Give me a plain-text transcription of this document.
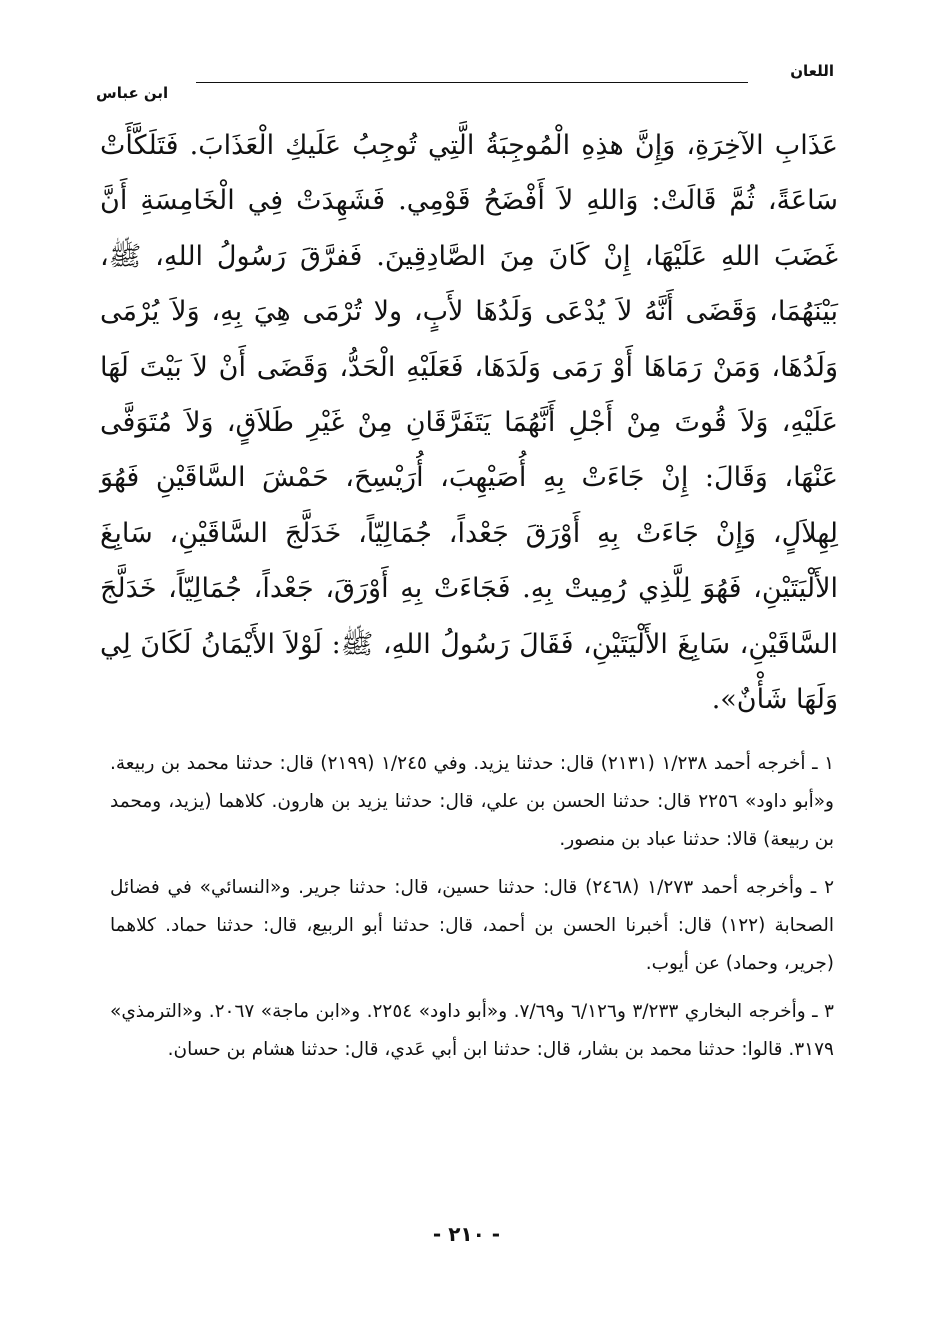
اللعان
ابن عباس

عَذَابِ الآخِرَةِ، وَإِنَّ هذِهِ الْمُوجِبَةُ الَّتِي تُوجِبُ عَلَيكِ الْعَذَابَ. فَتَلَكَّأَتْ سَاعَةً، ثُمَّ قَالَتْ: وَاللهِ لاَ أَفْضَحُ قَوْمِي. فَشَهِدَتْ فِي الْخَامِسَةِ أَنَّ غَضَبَ اللهِ عَلَيْهَا، إِنْ كَانَ مِنَ الصَّادِقِينَ. فَفرَّقَ رَسُولُ اللهِ، ﷺ، بَيْنَهُمَا، وَقَضَى أَنَّهُ لاَ يُدْعَى وَلَدُهَا لأَبٍ، ولا تُرْمَى هِيَ بِهِ، وَلاَ يُرْمَى وَلَدُهَا، وَمَنْ رَمَاهَا أَوْ رَمَى وَلَدَهَا، فَعَلَيْهِ الْحَدُّ، وَقَضَى أَنْ لاَ بَيْتَ لَهَا عَلَيْهِ، وَلاَ قُوتَ مِنْ أَجْلِ أَنَّهُمَا يَتَفَرَّقَانِ مِنْ غَيْرِ طَلاَقٍ، وَلاَ مُتَوَفَّى عَنْهَا، وَقَالَ: إِنْ جَاءَتْ بِهِ أُصَيْهِبَ، أُرَيْسِحَ، حَمْشَ السَّاقَيْنِ فَهُوَ لِهِلاَلٍ، وَإِنْ جَاءَتْ بِهِ أَوْرَقَ جَعْداً، جُمَالِيّاً، خَدَلَّجَ السَّاقَيْنِ، سَابِغَ الأَلْيَتَيْنِ، فَهُوَ لِلَّذِي رُمِيتْ بِهِ. فَجَاءَتْ بِهِ أَوْرَقَ، جَعْداً، جُمَالِيّاً، خَدَلَّجَ السَّاقَيْنِ، سَابِغَ الأَلْيَتَيْنِ، فَقَالَ رَسُولُ اللهِ، ﷺ: لَوْلاَ الأَيْمَانُ لَكَانَ لِي وَلَهَا شَأْنٌ».

١ ـ أخرجه أحمد ١/٢٣٨ (٢١٣١) قال: حدثنا يزيد. وفي ١/٢٤٥ (٢١٩٩) قال: حدثنا محمد بن ربيعة. و«أبو داود» ٢٢٥٦ قال: حدثنا الحسن بن علي، قال: حدثنا يزيد بن هارون. كلاهما (يزيد، ومحمد بن ربيعة) قالا: حدثنا عباد بن منصور.

٢ ـ وأخرجه أحمد ١/٢٧٣ (٢٤٦٨) قال: حدثنا حسين، قال: حدثنا جرير. و«النسائي» في فضائل الصحابة (١٢٢) قال: أخبرنا الحسن بن أحمد، قال: حدثنا أبو الربيع، قال: حدثنا حماد. كلاهما (جرير، وحماد) عن أيوب.

٣ ـ وأخرجه البخاري ٣/٢٣٣ و٦/١٢٦ و٧/٦٩. و«أبو داود» ٢٢٥٤. و«ابن ماجة» ٢٠٦٧. و«الترمذي» ٣١٧٩. قالوا: حدثنا محمد بن بشار، قال: حدثنا ابن أبي عَدي، قال: حدثنا هشام بن حسان.

- ٢١٠ -
